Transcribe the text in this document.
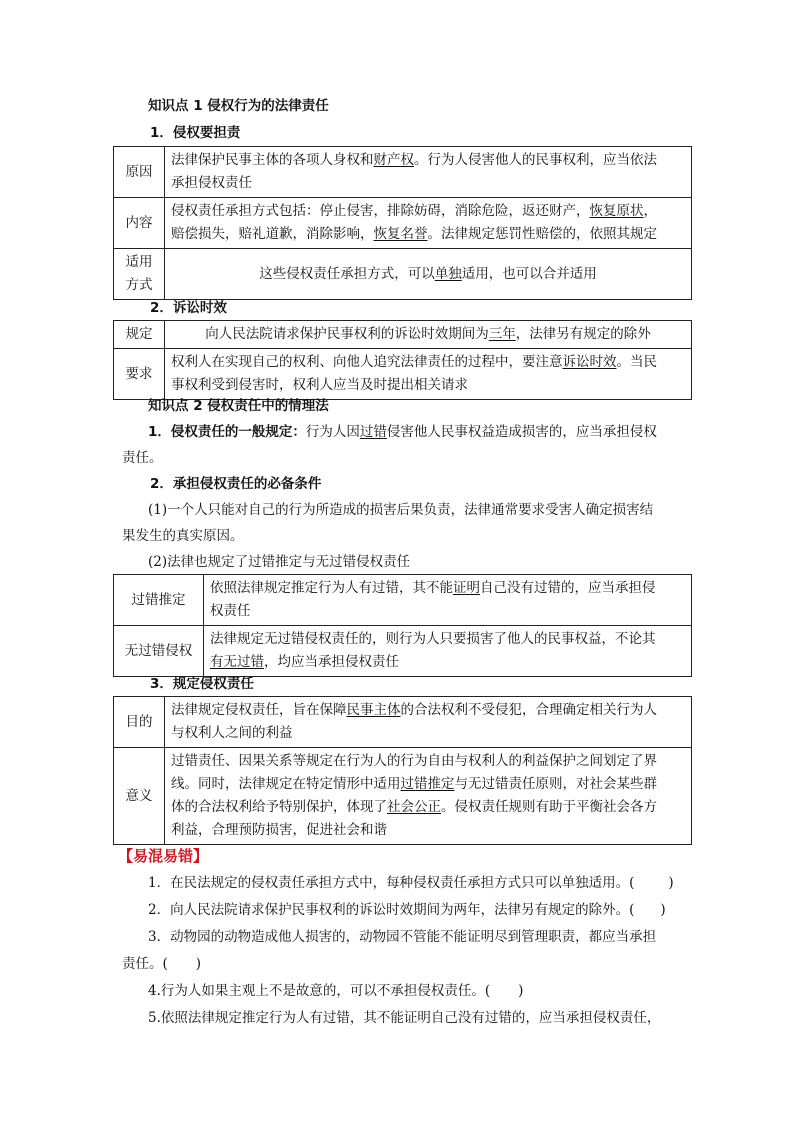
知识点 1 侵权行为的法律责任
1．侵权要担责
原因	法律保护民事主体的各项人身权和财产权。行为人侵害他人的民事权利，应当依法
承担侵权责任
内容	侵权责任承担方式包括：停止侵害，排除妨碍，消除危险，返还财产，恢复原状，
赔偿损失，赔礼道歉，消除影响，恢复名誉。法律规定惩罚性赔偿的，依照其规定
适用
方式	这些侵权责任承担方式，可以单独适用，也可以合并适用
2．诉讼时效
规定	向人民法院请求保护民事权利的诉讼时效期间为三年，法律另有规定的除外
要求	权利人在实现自己的权利、向他人追究法律责任的过程中，要注意诉讼时效。当民
事权利受到侵害时，权利人应当及时提出相关请求
知识点 2 侵权责任中的情理法
1．侵权责任的一般规定：行为人因过错侵害他人民事权益造成损害的，应当承担侵权
责任。
2．承担侵权责任的必备条件
(1)一个人只能对自己的行为所造成的损害后果负责，法律通常要求受害人确定损害结
果发生的真实原因。
(2)法律也规定了过错推定与无过错侵权责任
过错推定	依照法律规定推定行为人有过错，其不能证明自己没有过错的，应当承担侵
权责任
无过错侵权	法律规定无过错侵权责任的，则行为人只要损害了他人的民事权益，不论其
有无过错，均应当承担侵权责任
3．规定侵权责任
目的	法律规定侵权责任，旨在保障民事主体的合法权利不受侵犯，合理确定相关行为人
与权利人之间的利益
意义	过错责任、因果关系等规定在行为人的行为自由与权利人的利益保护之间划定了界
线。同时，法律规定在特定情形中适用过错推定与无过错责任原则，对社会某些群
体的合法权利给予特别保护，体现了社会公正。侵权责任规则有助于平衡社会各方
利益，合理预防损害，促进社会和谐
【易混易错】
1．在民法规定的侵权责任承担方式中，每种侵权责任承担方式只可以单独适用。(	)
2．向人民法院请求保护民事权利的诉讼时效期间为两年，法律另有规定的除外。( )
3．动物园的动物造成他人损害的，动物园不管能不能证明尽到管理职责，都应当承担
责任。( )
4.行为人如果主观上不是故意的，可以不承担侵权责任。( )
5.依照法律规定推定行为人有过错，其不能证明自己没有过错的，应当承担侵权责任，
